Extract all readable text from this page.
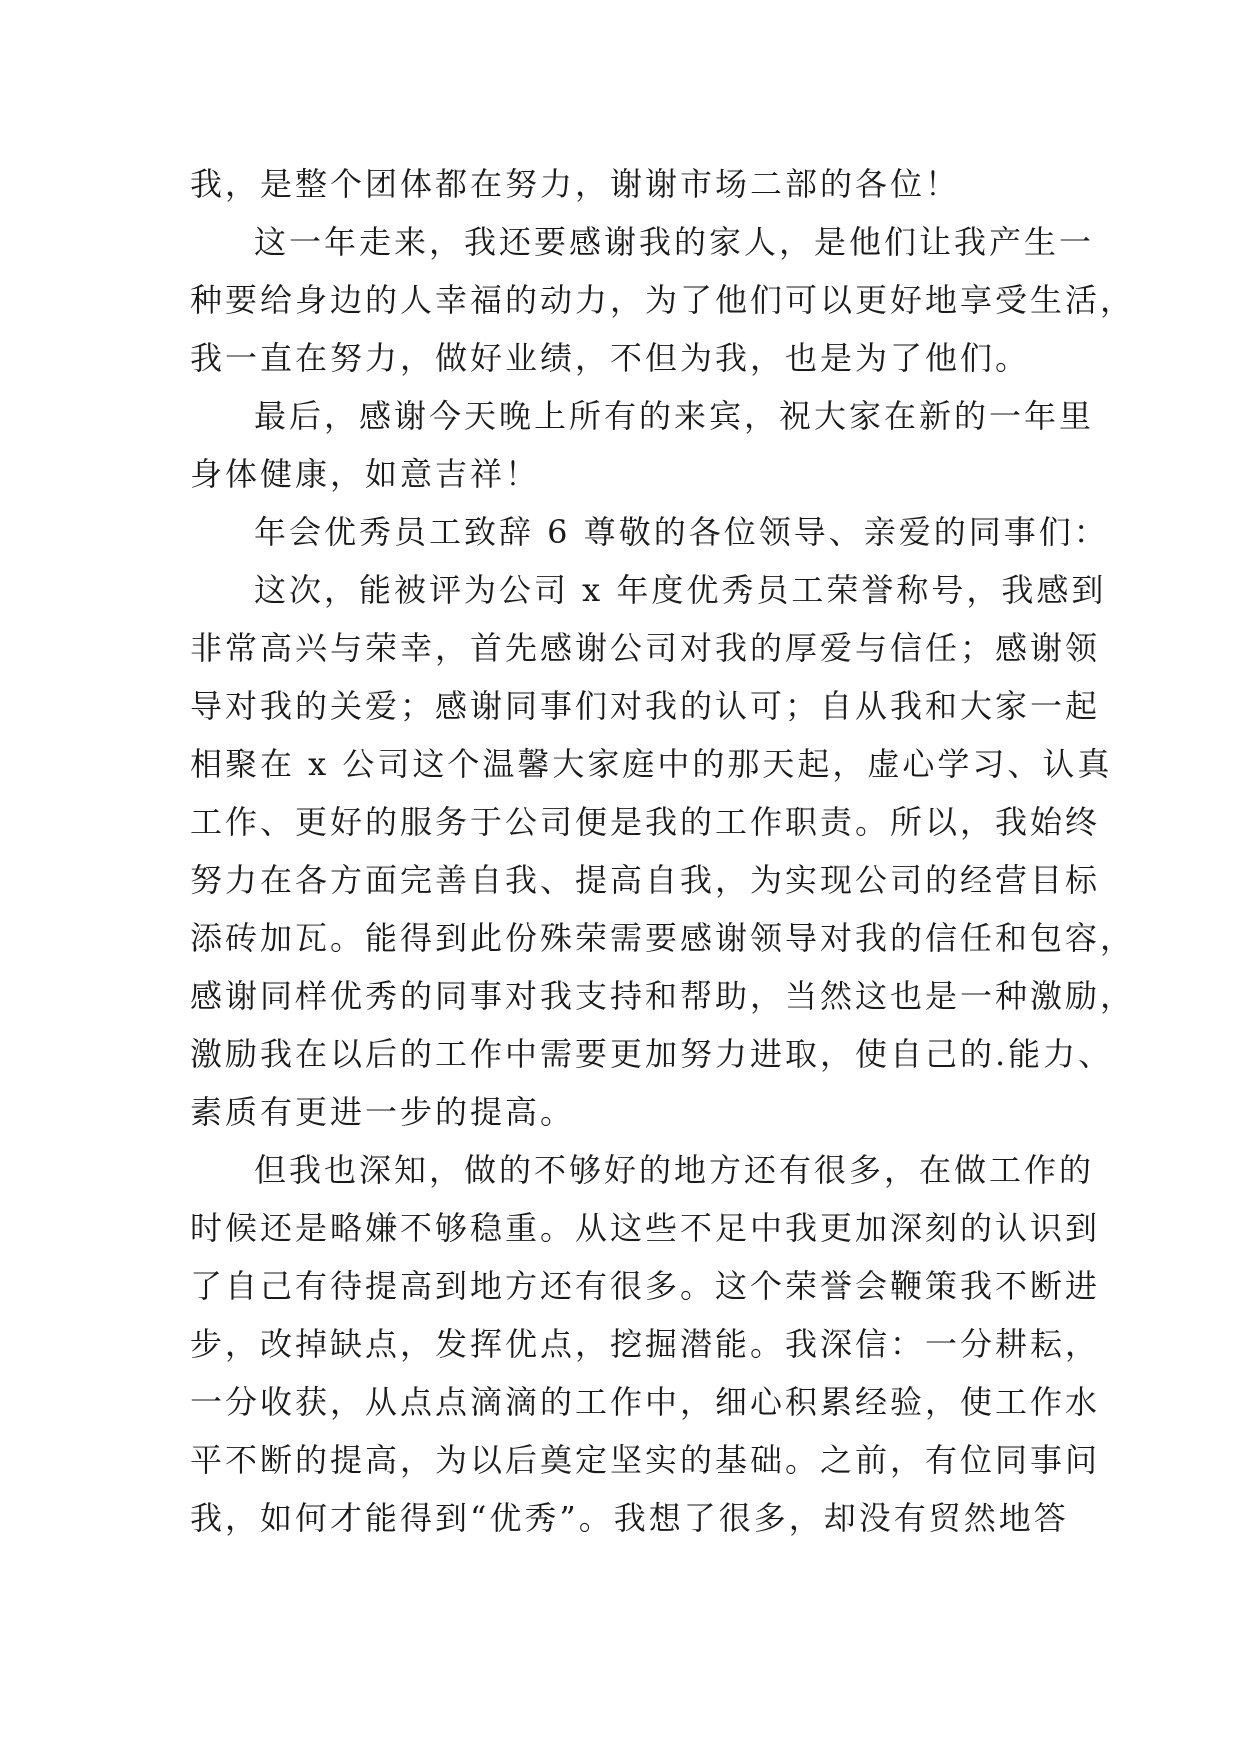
我，是整个团体都在努力，谢谢市场二部的各位！
这一年走来，我还要感谢我的家人，是他们让我产生一
种要给身边的人幸福的动力，为了他们可以更好地享受生活，
我一直在努力，做好业绩，不但为我，也是为了他们。
最后，感谢今天晚上所有的来宾，祝大家在新的一年里
身体健康，如意吉祥！
年会优秀员工致辞 6 尊敬的各位领导、亲爱的同事们：
这次，能被评为公司 x 年度优秀员工荣誉称号，我感到
非常高兴与荣幸，首先感谢公司对我的厚爱与信任；感谢领
导对我的关爱；感谢同事们对我的认可；自从我和大家一起
相聚在 x 公司这个温馨大家庭中的那天起，虚心学习、认真
工作、更好的服务于公司便是我的工作职责。所以，我始终
努力在各方面完善自我、提高自我，为实现公司的经营目标
添砖加瓦。能得到此份殊荣需要感谢领导对我的信任和包容，
感谢同样优秀的同事对我支持和帮助，当然这也是一种激励，
激励我在以后的工作中需要更加努力进取，使自己的.能力、
素质有更进一步的提高。
但我也深知，做的不够好的地方还有很多，在做工作的
时候还是略嫌不够稳重。从这些不足中我更加深刻的认识到
了自己有待提高到地方还有很多。这个荣誉会鞭策我不断进
步，改掉缺点，发挥优点，挖掘潜能。我深信：一分耕耘，
一分收获，从点点滴滴的工作中，细心积累经验，使工作水
平不断的提高，为以后奠定坚实的基础。之前，有位同事问
我，如何才能得到“优秀”。我想了很多，却没有贸然地答
